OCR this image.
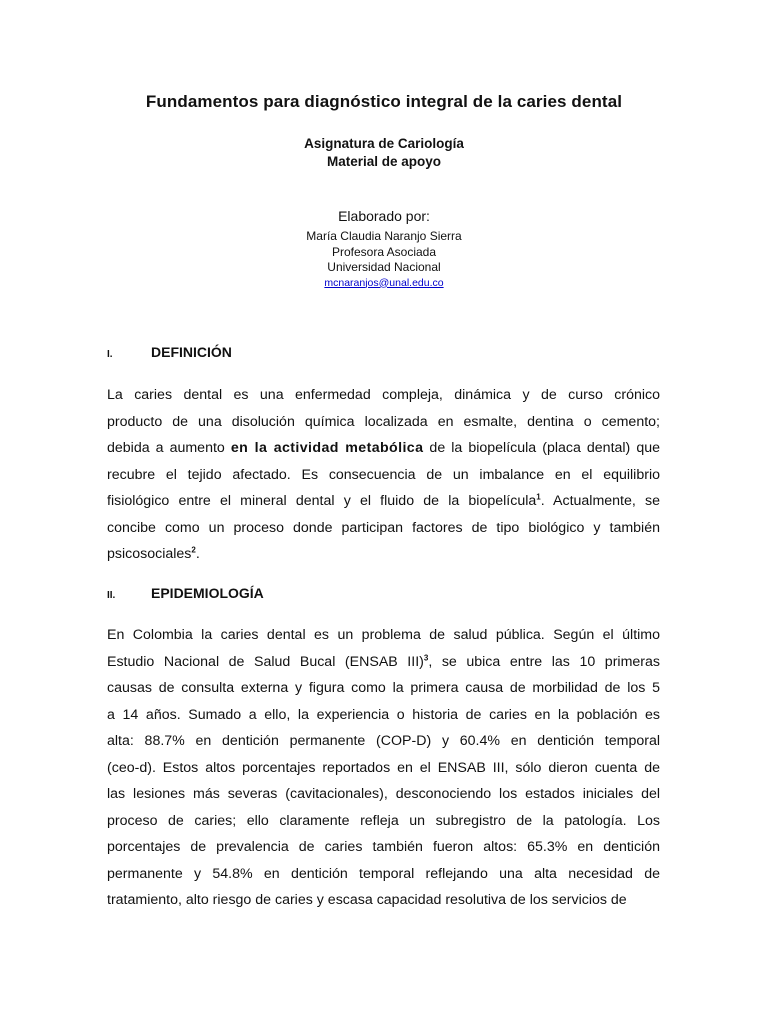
Fundamentos para diagnóstico integral de la caries dental
Asignatura de Cariología
Material de apoyo
Elaborado por:
María Claudia Naranjo Sierra
Profesora Asociada
Universidad Nacional
mcnaranjos@unal.edu.co
I.	DEFINICIÓN
La caries dental es una enfermedad compleja, dinámica y de curso crónico
producto de una disolución química localizada en esmalte, dentina o cemento;
debida a aumento en la actividad metabólica de la biopelícula (placa dental) que
recubre el tejido afectado. Es consecuencia de un imbalance en el equilibrio
fisiológico entre el mineral dental y el fluido de la biopelícula$^1$. Actualmente, se
concibe como un proceso donde participan factores de tipo biológico y también
psicosociales$^2$.
II.	EPIDEMIOLOGÍA
En Colombia la caries dental es un problema de salud pública. Según el último
Estudio Nacional de Salud Bucal (ENSAB III)$^3$, se ubica entre las 10 primeras
causas de consulta externa y figura como la primera causa de morbilidad de los 5
a 14 años. Sumado a ello, la experiencia o historia de caries en la población es
alta: 88.7% en dentición permanente (COP-D) y 60.4% en dentición temporal
(ceo-d). Estos altos porcentajes reportados en el ENSAB III, sólo dieron cuenta de
las lesiones más severas (cavitacionales), desconociendo los estados iniciales del
proceso de caries; ello claramente refleja un subregistro de la patología. Los
porcentajes de prevalencia de caries también fueron altos: 65.3% en dentición
permanente y 54.8% en dentición temporal reflejando una alta necesidad de
tratamiento, alto riesgo de caries y escasa capacidad resolutiva de los servicios de
